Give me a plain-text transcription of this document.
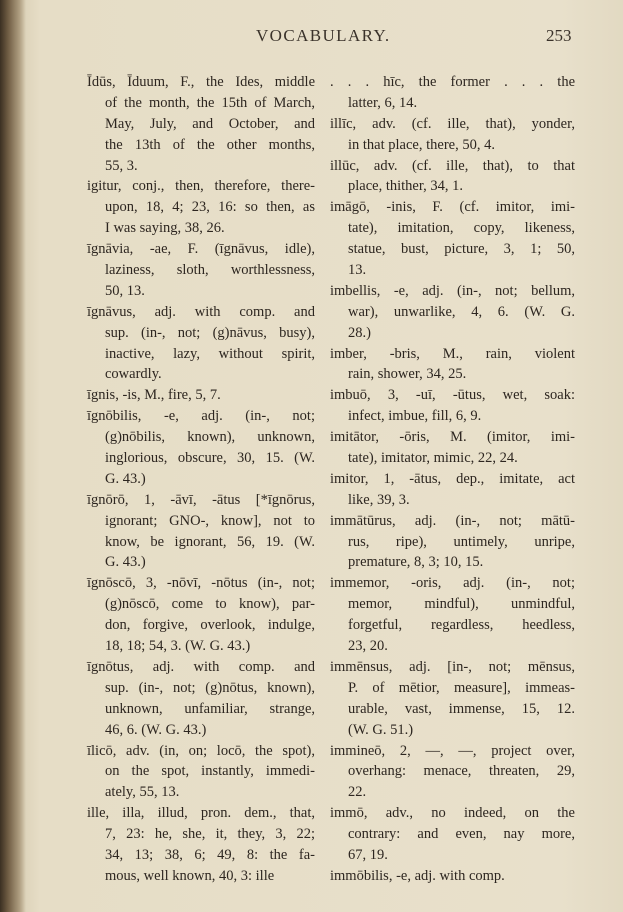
VOCABULARY.	253
Īdūs, Īduum, F., the Ides, middle
of the month, the 15th of March,
May, July, and October, and
the 13th of the other months,
55, 3.
igitur, conj., then, therefore, there-
upon, 18, 4; 23, 16: so then, as
I was saying, 38, 26.
īgnāvia, -ae, F. (īgnāvus, idle),
laziness, sloth, worthlessness,
50, 13.
īgnāvus, adj. with comp. and
sup. (in-, not; (g)nāvus, busy),
inactive, lazy, without spirit,
cowardly.
īgnis, -is, M., fire, 5, 7.
īgnōbilis, -e, adj. (in-, not;
(g)nōbilis, known), unknown,
inglorious, obscure, 30, 15. (W.
G. 43.)
īgnōrō, 1, -āvī, -ātus [*īgnōrus,
ignorant; GNO-, know], not to
know, be ignorant, 56, 19. (W.
G. 43.)
īgnōscō, 3, -nōvī, -nōtus (in-, not;
(g)nōscō, come to know), par-
don, forgive, overlook, indulge,
18, 18; 54, 3. (W. G. 43.)
īgnōtus, adj. with comp. and
sup. (in-, not; (g)nōtus, known),
unknown, unfamiliar, strange,
46, 6. (W. G. 43.)
īlicō, adv. (in, on; locō, the spot),
on the spot, instantly, immedi-
ately, 55, 13.
ille, illa, illud, pron. dem., that,
7, 23: he, she, it, they, 3, 22;
34, 13; 38, 6; 49, 8: the fa-
mous, well known, 40, 3: ille
. . . hīc, the former . . . the
latter, 6, 14.
illīc, adv. (cf. ille, that), yonder,
in that place, there, 50, 4.
illūc, adv. (cf. ille, that), to that
place, thither, 34, 1.
imāgō, -inis, F. (cf. imitor, imi-
tate), imitation, copy, likeness,
statue, bust, picture, 3, 1; 50,
13.
imbellis, -e, adj. (in-, not; bellum,
war), unwarlike, 4, 6. (W. G.
28.)
imber, -bris, M., rain, violent
rain, shower, 34, 25.
imbuō, 3, -uī, -ūtus, wet, soak:
infect, imbue, fill, 6, 9.
imitātor, -ōris, M. (imitor, imi-
tate), imitator, mimic, 22, 24.
imitor, 1, -ātus, dep., imitate, act
like, 39, 3.
immātūrus, adj. (in-, not; mātū-
rus, ripe), untimely, unripe,
premature, 8, 3; 10, 15.
immemor, -oris, adj. (in-, not;
memor, mindful), unmindful,
forgetful, regardless, heedless,
23, 20.
immēnsus, adj. [in-, not; mēnsus,
P. of mētior, measure], immeas-
urable, vast, immense, 15, 12.
(W. G. 51.)
immineō, 2, —, —, project over,
overhang: menace, threaten, 29,
22.
immō, adv., no indeed, on the
contrary: and even, nay more,
67, 19.
immōbilis, -e, adj. with comp.
